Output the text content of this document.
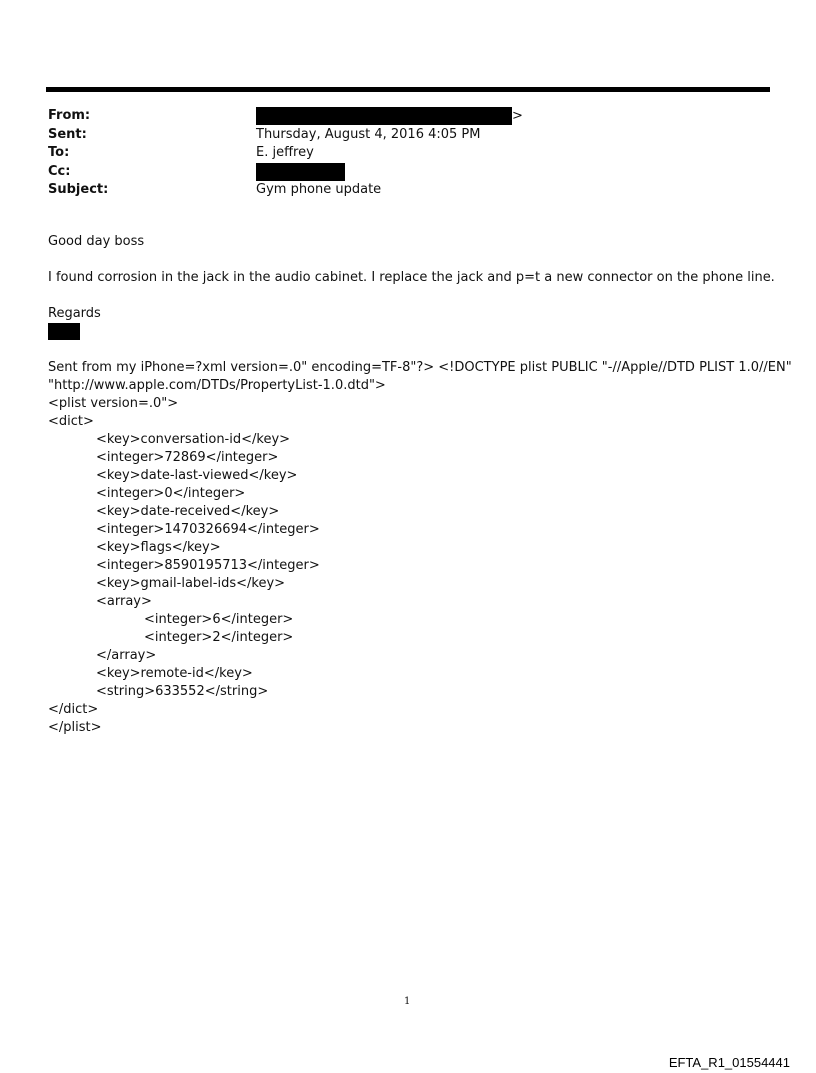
From:	>
Sent:	Thursday, August 4, 2016 4:05 PM
To:	E. jeffrey
Cc:
Subject:	Gym phone update

Good day boss

I found corrosion in the jack in the audio cabinet. I replace the jack and p=t a new connector on the phone line.

Regards

Sent from my iPhone=?xml version=.0" encoding=TF-8"?> <!DOCTYPE plist PUBLIC "-//Apple//DTD PLIST 1.0//EN"
"http://www.apple.com/DTDs/PropertyList-1.0.dtd">
<plist version=.0">
<dict>
<key>conversation-id</key>
<integer>72869</integer>
<key>date-last-viewed</key>
<integer>0</integer>
<key>date-received</key>
<integer>1470326694</integer>
<key>flags</key>
<integer>8590195713</integer>
<key>gmail-label-ids</key>
<array>
<integer>6</integer>
<integer>2</integer>
</array>
<key>remote-id</key>
<string>633552</string>
</dict>
</plist>
1
EFTA_R1_01554441
